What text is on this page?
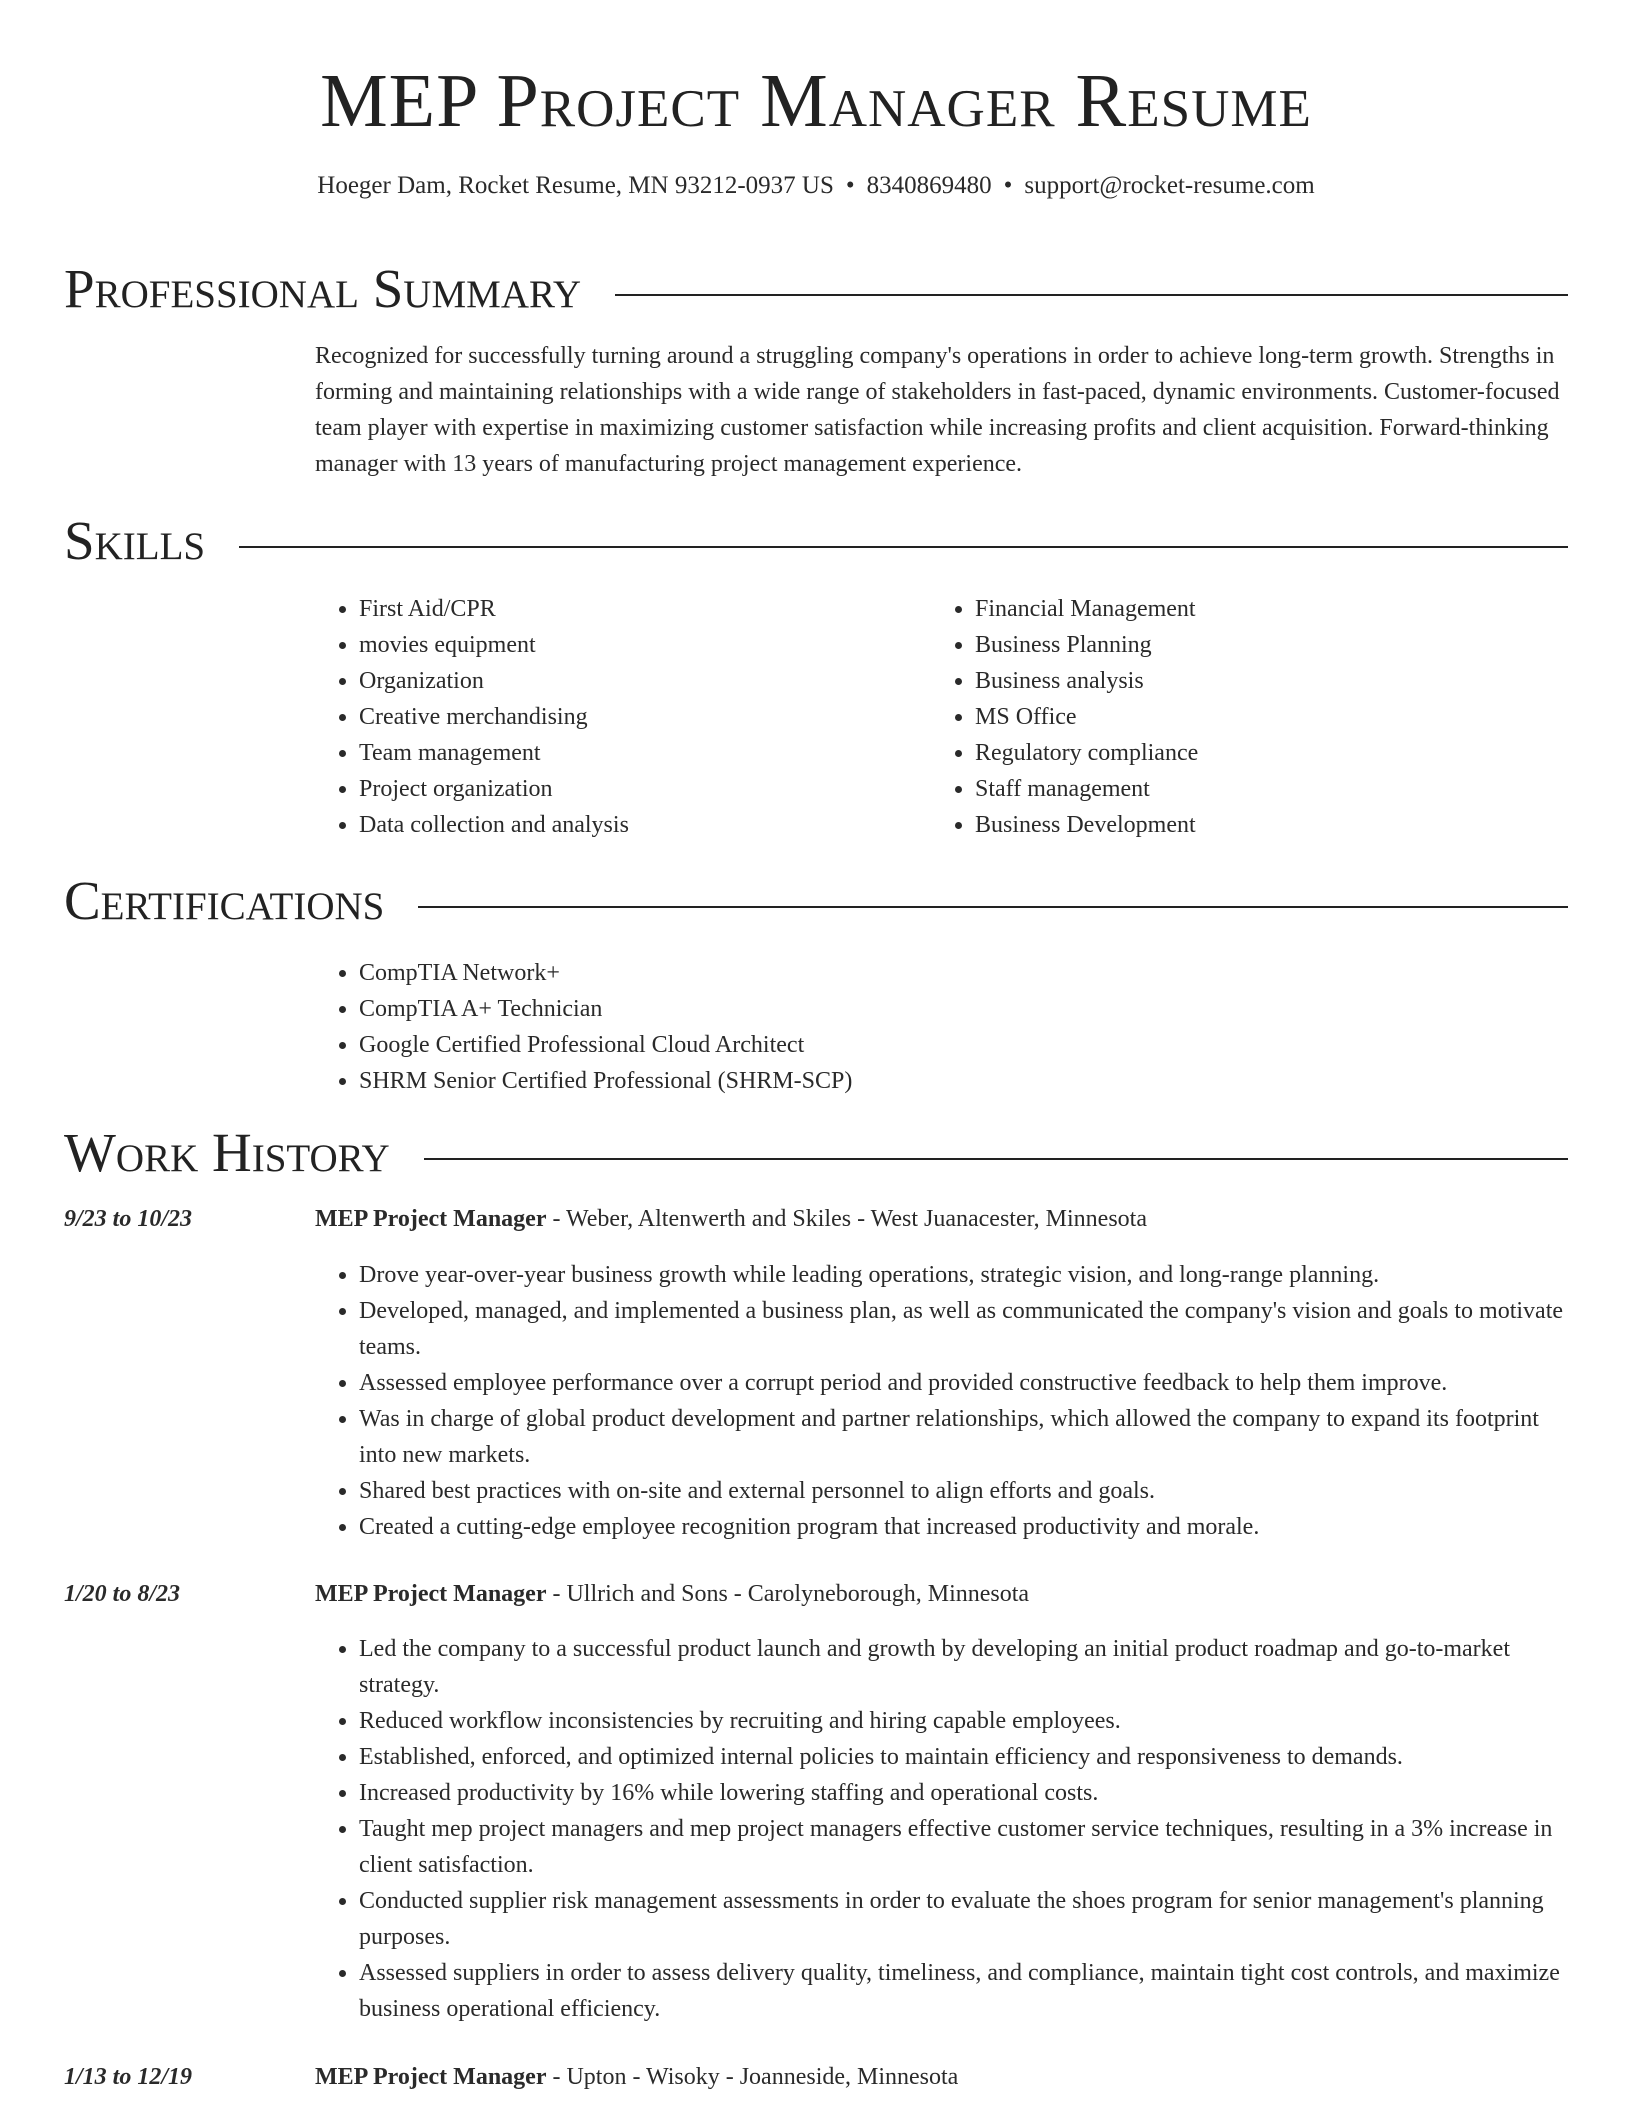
MEP Project Manager Resume
Hoeger Dam, Rocket Resume, MN 93212-0937 US • 8340869480 • support@rocket-resume.com
Professional Summary
Recognized for successfully turning around a struggling company's operations in order to achieve long-term growth. Strengths in forming and maintaining relationships with a wide range of stakeholders in fast-paced, dynamic environments. Customer-focused team player with expertise in maximizing customer satisfaction while increasing profits and client acquisition. Forward-thinking manager with 13 years of manufacturing project management experience.
Skills
• First Aid/CPR
• movies equipment
• Organization
• Creative merchandising
• Team management
• Project organization
• Data collection and analysis
• Financial Management
• Business Planning
• Business analysis
• MS Office
• Regulatory compliance
• Staff management
• Business Development
Certifications
• CompTIA Network+
• CompTIA A+ Technician
• Google Certified Professional Cloud Architect
• SHRM Senior Certified Professional (SHRM-SCP)
Work History
9/23 to 10/23	MEP Project Manager - Weber, Altenwerth and Skiles - West Juanacester, Minnesota
• Drove year-over-year business growth while leading operations, strategic vision, and long-range planning.
• Developed, managed, and implemented a business plan, as well as communicated the company's vision and goals to motivate teams.
• Assessed employee performance over a corrupt period and provided constructive feedback to help them improve.
• Was in charge of global product development and partner relationships, which allowed the company to expand its footprint into new markets.
• Shared best practices with on-site and external personnel to align efforts and goals.
• Created a cutting-edge employee recognition program that increased productivity and morale.
1/20 to 8/23	MEP Project Manager - Ullrich and Sons - Carolyneborough, Minnesota
• Led the company to a successful product launch and growth by developing an initial product roadmap and go-to-market strategy.
• Reduced workflow inconsistencies by recruiting and hiring capable employees.
• Established, enforced, and optimized internal policies to maintain efficiency and responsiveness to demands.
• Increased productivity by 16% while lowering staffing and operational costs.
• Taught mep project managers and mep project managers effective customer service techniques, resulting in a 3% increase in client satisfaction.
• Conducted supplier risk management assessments in order to evaluate the shoes program for senior management's planning purposes.
• Assessed suppliers in order to assess delivery quality, timeliness, and compliance, maintain tight cost controls, and maximize business operational efficiency.
1/13 to 12/19	MEP Project Manager - Upton - Wisoky - Joanneside, Minnesota
